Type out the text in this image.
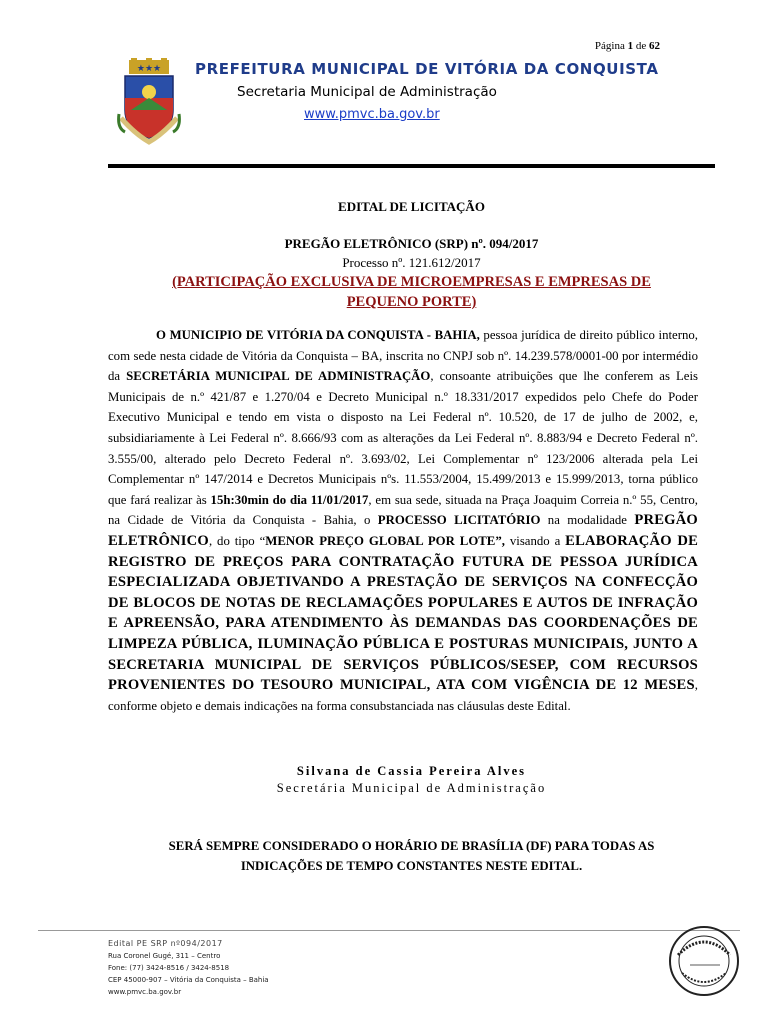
Página 1 de 62
★★★ PREFEITURA MUNICIPAL DE VITÓRIA DA CONQUISTA
Secretaria Municipal de Administração
www.pmvc.ba.gov.br
EDITAL DE LICITAÇÃO
PREGÃO ELETRÔNICO (SRP) nº. 094/2017
Processo nº. 121.612/2017
(PARTICIPAÇÃO EXCLUSIVA DE MICROEMPRESAS E EMPRESAS DE
PEQUENO PORTE)

O MUNICIPIO DE VITÓRIA DA CONQUISTA - BAHIA, pessoa jurídica de direito público interno, com sede nesta cidade de Vitória da Conquista – BA, inscrita no CNPJ sob nº. 14.239.578/0001-00 por intermédio da SECRETÁRIA MUNICIPAL DE ADMINISTRAÇÃO, consoante atribuições que lhe conferem as Leis Municipais de n.º 421/87 e 1.270/04 e Decreto Municipal n.º 18.331/2017 expedidos pelo Chefe do Poder Executivo Municipal e tendo em vista o disposto na Lei Federal nº. 10.520, de 17 de julho de 2002, e, subsidiariamente à Lei Federal nº. 8.666/93 com as alterações da Lei Federal nº. 8.883/94 e Decreto Federal nº. 3.555/00, alterado pelo Decreto Federal nº. 3.693/02, Lei Complementar nº 123/2006 alterada pela Lei Complementar nº 147/2014 e Decretos Municipais nºs. 11.553/2004, 15.499/2013 e 15.999/2013, torna público que fará realizar às 15h:30min do dia 11/01/2017, em sua sede, situada na Praça Joaquim Correia n.º 55, Centro, na Cidade de Vitória da Conquista - Bahia, o PROCESSO LICITATÓRIO na modalidade PREGÃO ELETRÔNICO, do tipo “MENOR PREÇO GLOBAL POR LOTE”, visando a ELABORAÇÃO DE REGISTRO DE PREÇOS PARA CONTRATAÇÃO FUTURA DE PESSOA JURÍDICA ESPECIALIZADA OBJETIVANDO A PRESTAÇÃO DE SERVIÇOS NA CONFECÇÃO DE BLOCOS DE NOTAS DE RECLAMAÇÕES POPULARES E AUTOS DE INFRAÇÃO E APREENSÃO, PARA ATENDIMENTO ÀS DEMANDAS DAS COORDENAÇÕES DE LIMPEZA PÚBLICA, ILUMINAÇÃO PÚBLICA E POSTURAS MUNICIPAIS, JUNTO A SECRETARIA MUNICIPAL DE SERVIÇOS PÚBLICOS/SESEP, COM RECURSOS PROVENIENTES DO TESOURO MUNICIPAL, ATA COM VIGÊNCIA DE 12 MESES, conforme objeto e demais indicações na forma consubstanciada nas cláusulas deste Edital.

Silvana de Cassia Pereira Alves
Secretária Municipal de Administração
SERÁ SEMPRE CONSIDERADO O HORÁRIO DE BRASÍLIA (DF) PARA TODAS AS
INDICAÇÕES DE TEMPO CONSTANTES NESTE EDITAL.
Edital PE SRP nº094/2017
Rua Coronel Gugé, 311 – Centro
Fone: (77) 3424-8516 / 3424-8518
CEP 45000-907 – Vitória da Conquista – Bahia
www.pmvc.ba.gov.br
